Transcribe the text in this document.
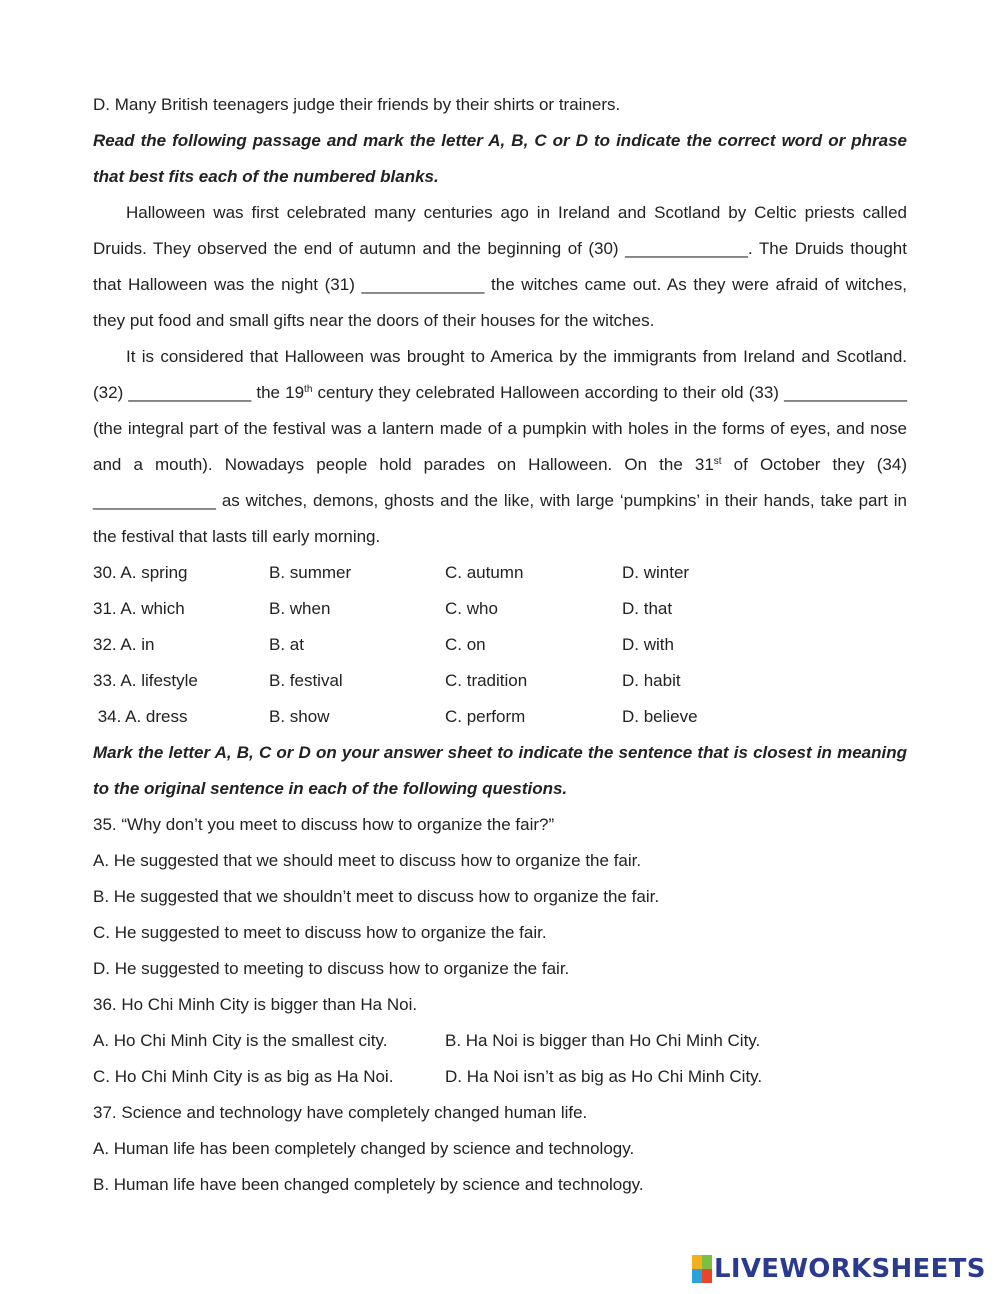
D. Many British teenagers judge their friends by their shirts or trainers.

Read the following passage and mark the letter A, B, C or D to indicate the correct word or phrase that best fits each of the numbered blanks.

Halloween was first celebrated many centuries ago in Ireland and Scotland by Celtic priests called Druids. They observed the end of autumn and the beginning of (30) _____________. The Druids thought that Halloween was the night (31) _____________ the witches came out. As they were afraid of witches, they put food and small gifts near the doors of their houses for the witches.

It is considered that Halloween was brought to America by the immigrants from Ireland and Scotland. (32) _____________ the 19th century they celebrated Halloween according to their old (33) _____________ (the integral part of the festival was a lantern made of a pumpkin with holes in the forms of eyes, and nose and a mouth). Nowadays people hold parades on Halloween. On the 31st of October they (34) _____________ as witches, demons, ghosts and the like, with large ‘pumpkins’ in their hands, take part in the festival that lasts till early morning.

30. A. spring	B. summer	C. autumn	D. winter
31. A. which	B. when	C. who	D. that
32. A. in	B. at	C. on	D. with
33. A. lifestyle	B. festival	C. tradition	D. habit
34. A. dress	B. show	C. perform	D. believe

Mark the letter A, B, C or D on your answer sheet to indicate the sentence that is closest in meaning to the original sentence in each of the following questions.

35. “Why don’t you meet to discuss how to organize the fair?”

A. He suggested that we should meet to discuss how to organize the fair.

B. He suggested that we shouldn’t meet to discuss how to organize the fair.

C. He suggested to meet to discuss how to organize the fair.

D. He suggested to meeting to discuss how to organize the fair.

36. Ho Chi Minh City is bigger than Ha Noi.

A. Ho Chi Minh City is the smallest city.	B. Ha Noi is bigger than Ho Chi Minh City.
C. Ho Chi Minh City is as big as Ha Noi.	D. Ha Noi isn’t as big as Ho Chi Minh City.

37. Science and technology have completely changed human life.

A. Human life has been completely changed by science and technology.

B. Human life have been changed completely by science and technology.

LIVEWORKSHEETS
